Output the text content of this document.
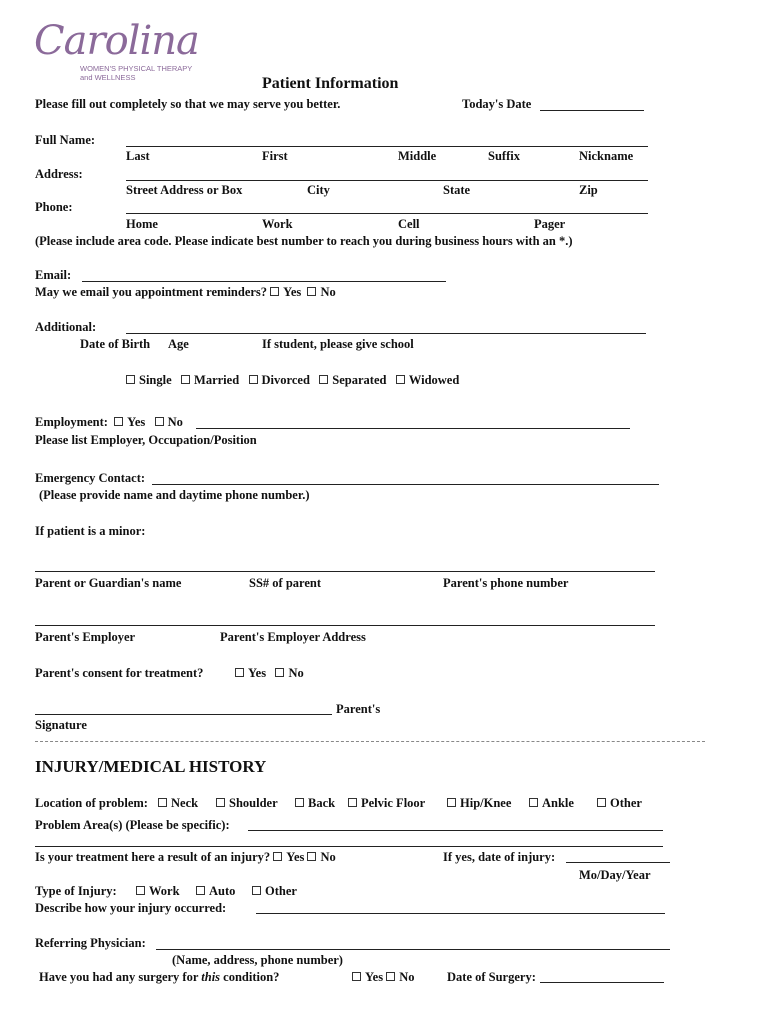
Carolina
WOMEN'S PHYSICAL THERAPY
and WELLNESS	Patient Information
Please fill out completely so that we may serve you better.	Today's Date
Full Name:
Last	First	Middle	Suffix	Nickname
Address:
Street Address or Box	City	State	Zip
Phone:
Home	Work	Cell	Pager
(Please include area code. Please indicate best number to reach you during business hours with an *.)
Email:
May we email you appointment reminders? Yes No
Additional:
Date of Birth Age	If student, please give school
Single Married Divorced Separated Widowed
Employment: Yes No
Please list Employer, Occupation/Position
Emergency Contact:
(Please provide name and daytime phone number.)
If patient is a minor:
Parent or Guardian's name	SS# of parent	Parent's phone number
Parent's Employer	Parent's Employer Address
Parent's consent for treatment?	Yes No
Parent's
Signature
INJURY/MEDICAL HISTORY
Location of problem:	Neck	Shoulder	Back	Pelvic Floor	Hip/Knee	Ankle	Other
Problem Area(s) (Please be specific):
Is your treatment here a result of an injury? Yes No	If yes, date of injury:
Mo/Day/Year
Type of Injury:	Work	Auto	Other
Describe how your injury occurred:
Referring Physician:
(Name, address, phone number)
Have you had any surgery for this condition?	Yes No	Date of Surgery:
